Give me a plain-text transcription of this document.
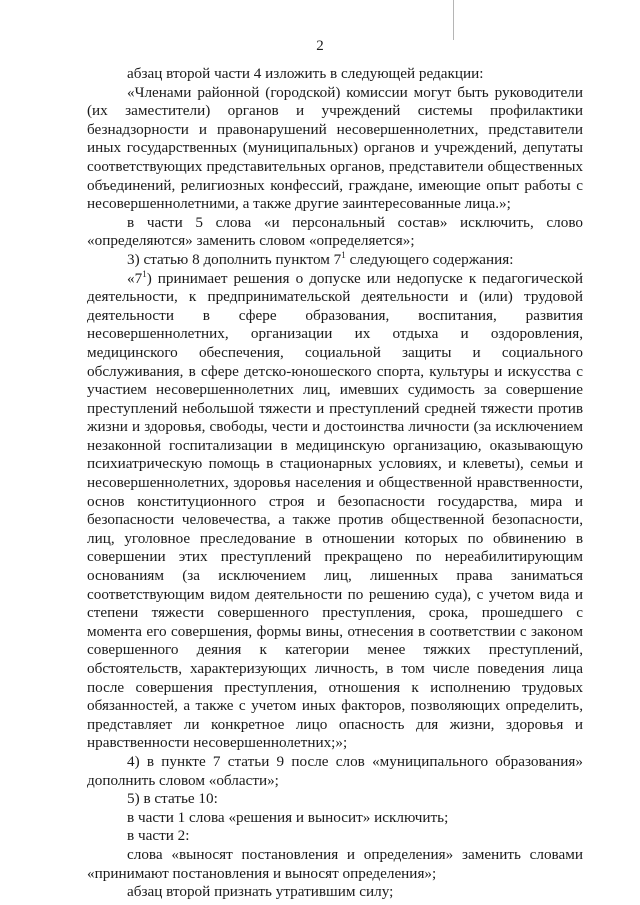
2

абзац второй части 4 изложить в следующей редакции:

«Членами районной (городской) комиссии могут быть руководители (их заместители) органов и учреждений системы профилактики безнадзорности и правонарушений несовершеннолетних, представители иных государственных (муниципальных) органов и учреждений, депутаты соответствующих представительных органов, представители общественных объединений, религиозных конфессий, граждане, имеющие опыт работы с несовершеннолетними, а также другие заинтересованные лица.»;

в части 5 слова «и персональный состав» исключить, слово «определяются» заменить словом «определяется»;

3) статью 8 дополнить пунктом $7^1$ следующего содержания:

«$7^1$) принимает решения о допуске или недопуске к педагогической деятельности, к предпринимательской деятельности и (или) трудовой деятельности в сфере образования, воспитания, развития несовершеннолетних, организации их отдыха и оздоровления, медицинского обеспечения, социальной защиты и социального обслуживания, в сфере детско-юношеского спорта, культуры и искусства с участием несовершеннолетних лиц, имевших судимость за совершение преступлений небольшой тяжести и преступлений средней тяжести против жизни и здоровья, свободы, чести и достоинства личности (за исключением незаконной госпитализации в медицинскую организацию, оказывающую психиатрическую помощь в стационарных условиях, и клеветы), семьи и несовершеннолетних, здоровья населения и общественной нравственности, основ конституционного строя и безопасности государства, мира и безопасности человечества, а также против общественной безопасности, лиц, уголовное преследование в отношении которых по обвинению в совершении этих преступлений прекращено по нереабилитирующим основаниям (за исключением лиц, лишенных права заниматься соответствующим видом деятельности по решению суда), с учетом вида и степени тяжести совершенного преступления, срока, прошедшего с момента его совершения, формы вины, отнесения в соответствии с законом совершенного деяния к категории менее тяжких преступлений, обстоятельств, характеризующих личность, в том числе поведения лица после совершения преступления, отношения к исполнению трудовых обязанностей, а также с учетом иных факторов, позволяющих определить, представляет ли конкретное лицо опасность для жизни, здоровья и нравственности несовершеннолетних;»;

4) в пункте 7 статьи 9 после слов «муниципального образования» дополнить словом «области»;

5) в статье 10:

в части 1 слова «решения и выносит» исключить;

в части 2:

слова «выносят постановления и определения» заменить словами «принимают постановления и выносят определения»;

абзац второй признать утратившим силу;
